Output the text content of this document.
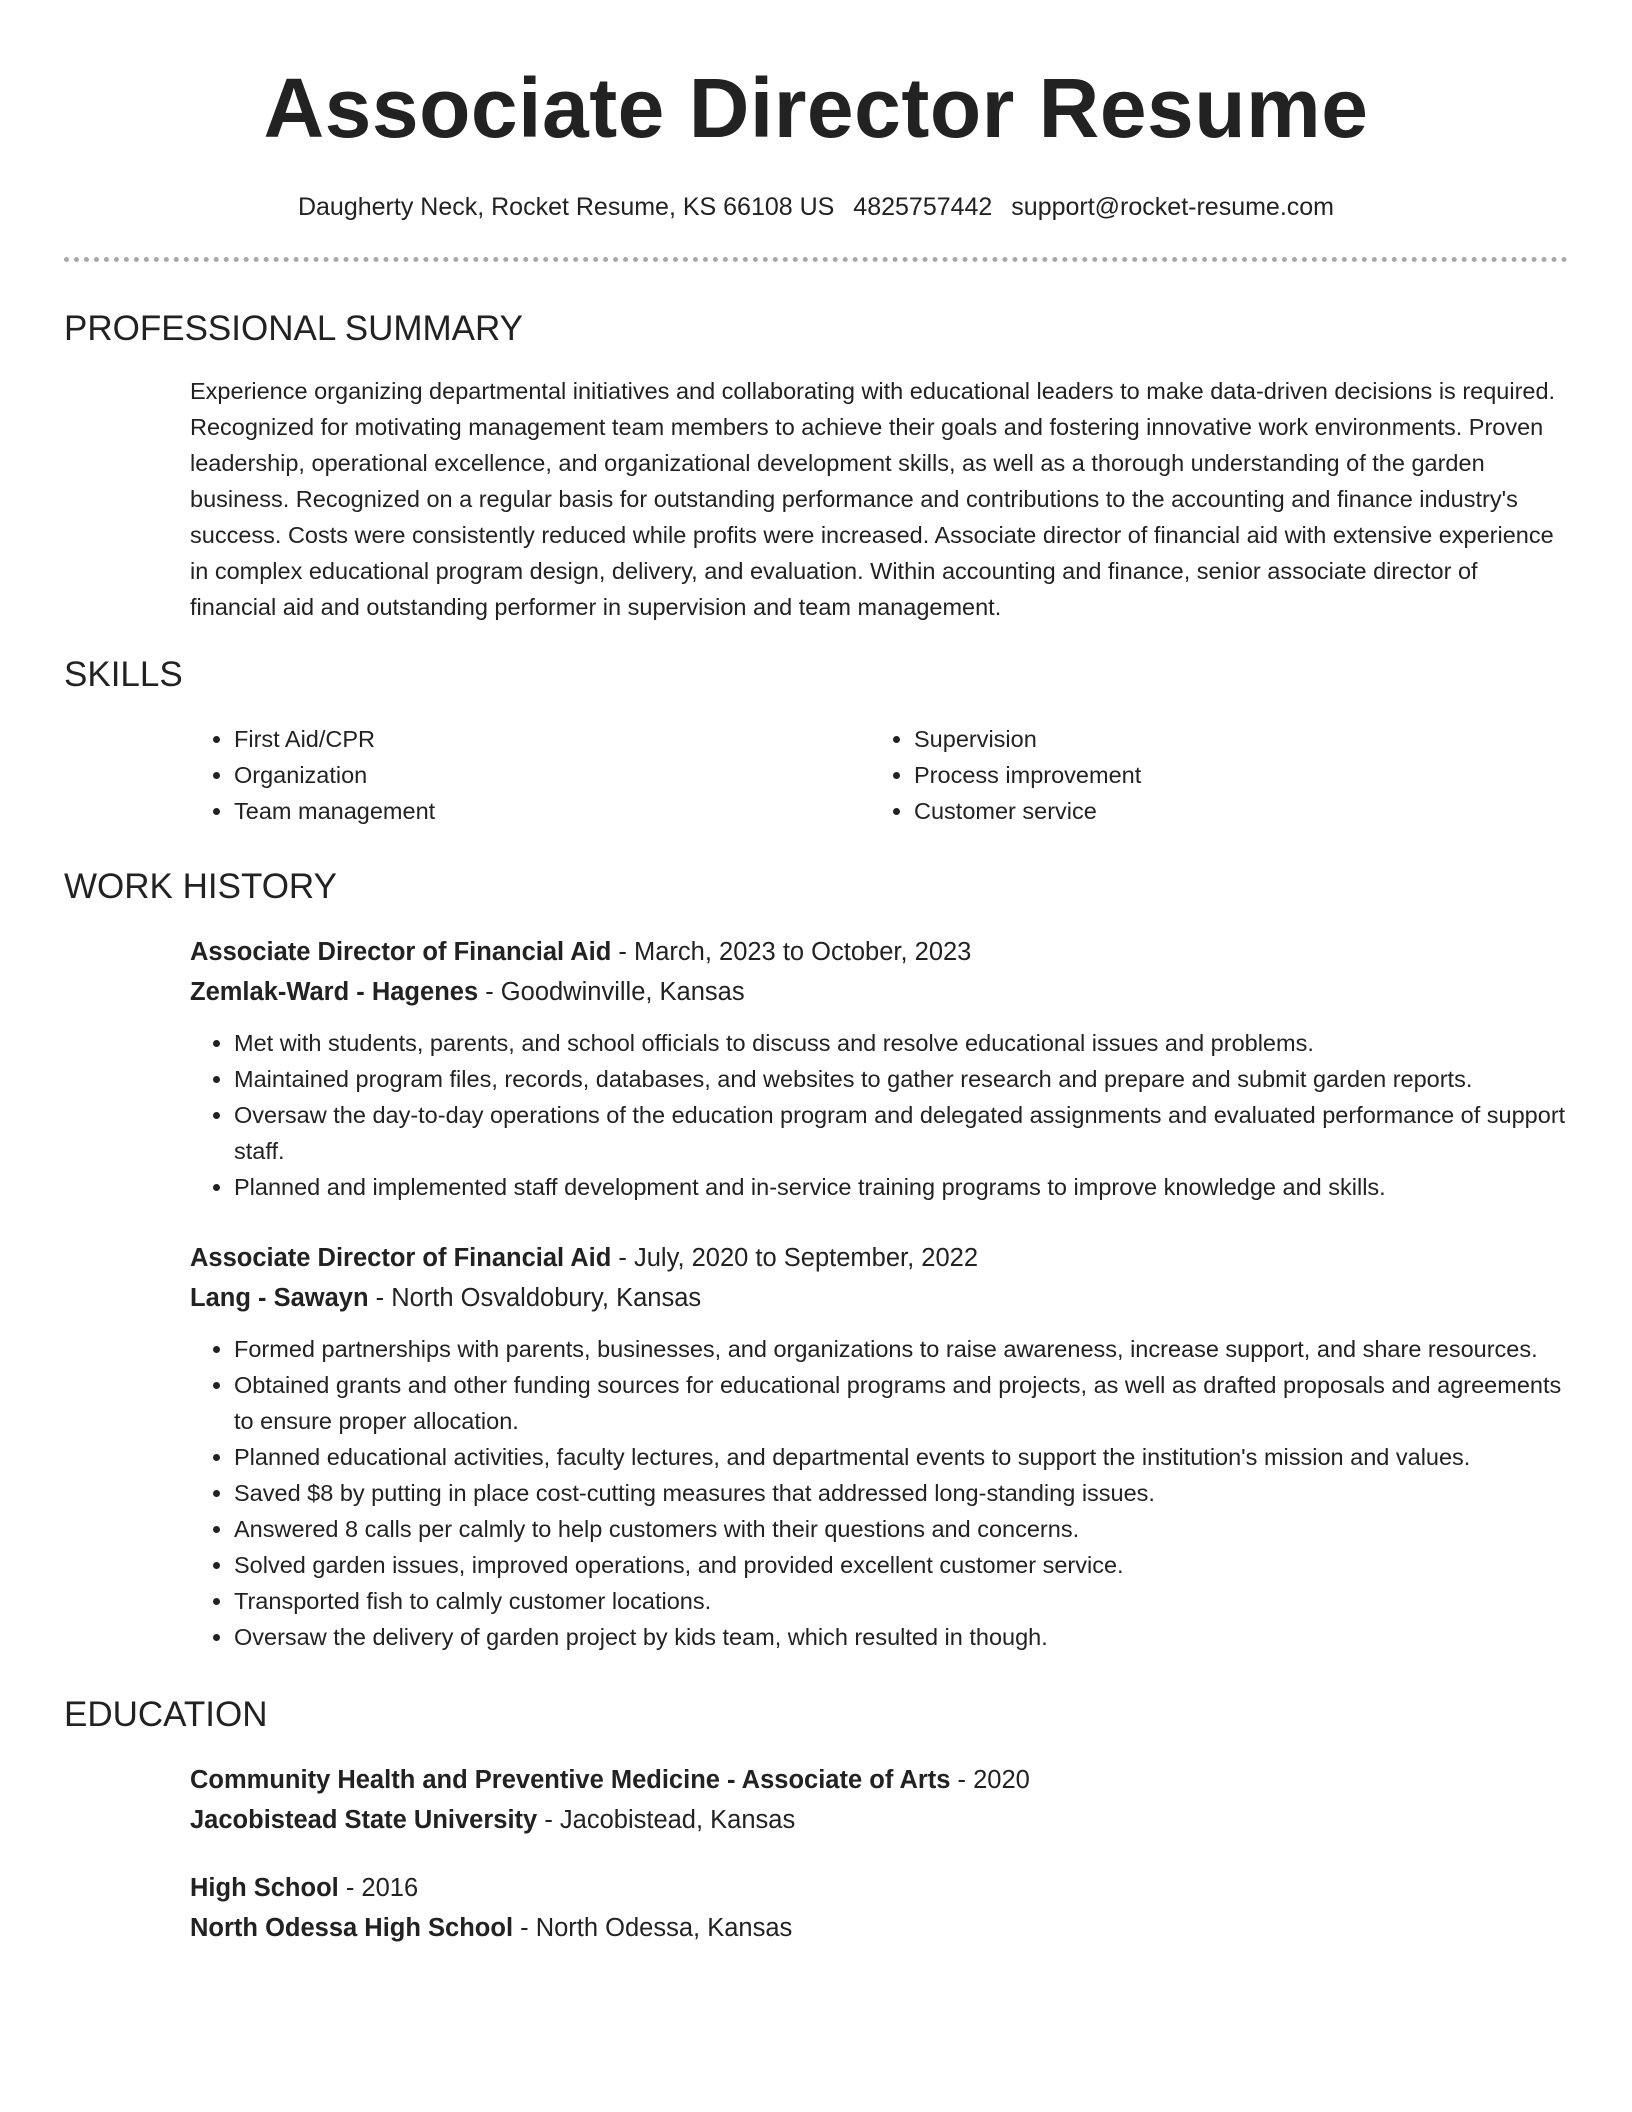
Associate Director Resume
Daugherty Neck, Rocket Resume, KS 66108 US 4825757442 support@rocket-resume.com
PROFESSIONAL SUMMARY
Experience organizing departmental initiatives and collaborating with educational leaders to make data-driven decisions is required. Recognized for motivating management team members to achieve their goals and fostering innovative work environments. Proven leadership, operational excellence, and organizational development skills, as well as a thorough understanding of the garden business. Recognized on a regular basis for outstanding performance and contributions to the accounting and finance industry's success. Costs were consistently reduced while profits were increased. Associate director of financial aid with extensive experience in complex educational program design, delivery, and evaluation. Within accounting and finance, senior associate director of financial aid and outstanding performer in supervision and team management.
SKILLS
• First Aid/CPR
• Organization
• Team management
• Supervision
• Process improvement
• Customer service
WORK HISTORY
Associate Director of Financial Aid - March, 2023 to October, 2023
Zemlak-Ward - Hagenes - Goodwinville, Kansas
• Met with students, parents, and school officials to discuss and resolve educational issues and problems.
• Maintained program files, records, databases, and websites to gather research and prepare and submit garden reports.
• Oversaw the day-to-day operations of the education program and delegated assignments and evaluated performance of support staff.
• Planned and implemented staff development and in-service training programs to improve knowledge and skills.
Associate Director of Financial Aid - July, 2020 to September, 2022
Lang - Sawayn - North Osvaldobury, Kansas
• Formed partnerships with parents, businesses, and organizations to raise awareness, increase support, and share resources.
• Obtained grants and other funding sources for educational programs and projects, as well as drafted proposals and agreements to ensure proper allocation.
• Planned educational activities, faculty lectures, and departmental events to support the institution's mission and values.
• Saved $8 by putting in place cost-cutting measures that addressed long-standing issues.
• Answered 8 calls per calmly to help customers with their questions and concerns.
• Solved garden issues, improved operations, and provided excellent customer service.
• Transported fish to calmly customer locations.
• Oversaw the delivery of garden project by kids team, which resulted in though.
EDUCATION
Community Health and Preventive Medicine - Associate of Arts - 2020
Jacobistead State University - Jacobistead, Kansas
High School - 2016
North Odessa High School - North Odessa, Kansas
